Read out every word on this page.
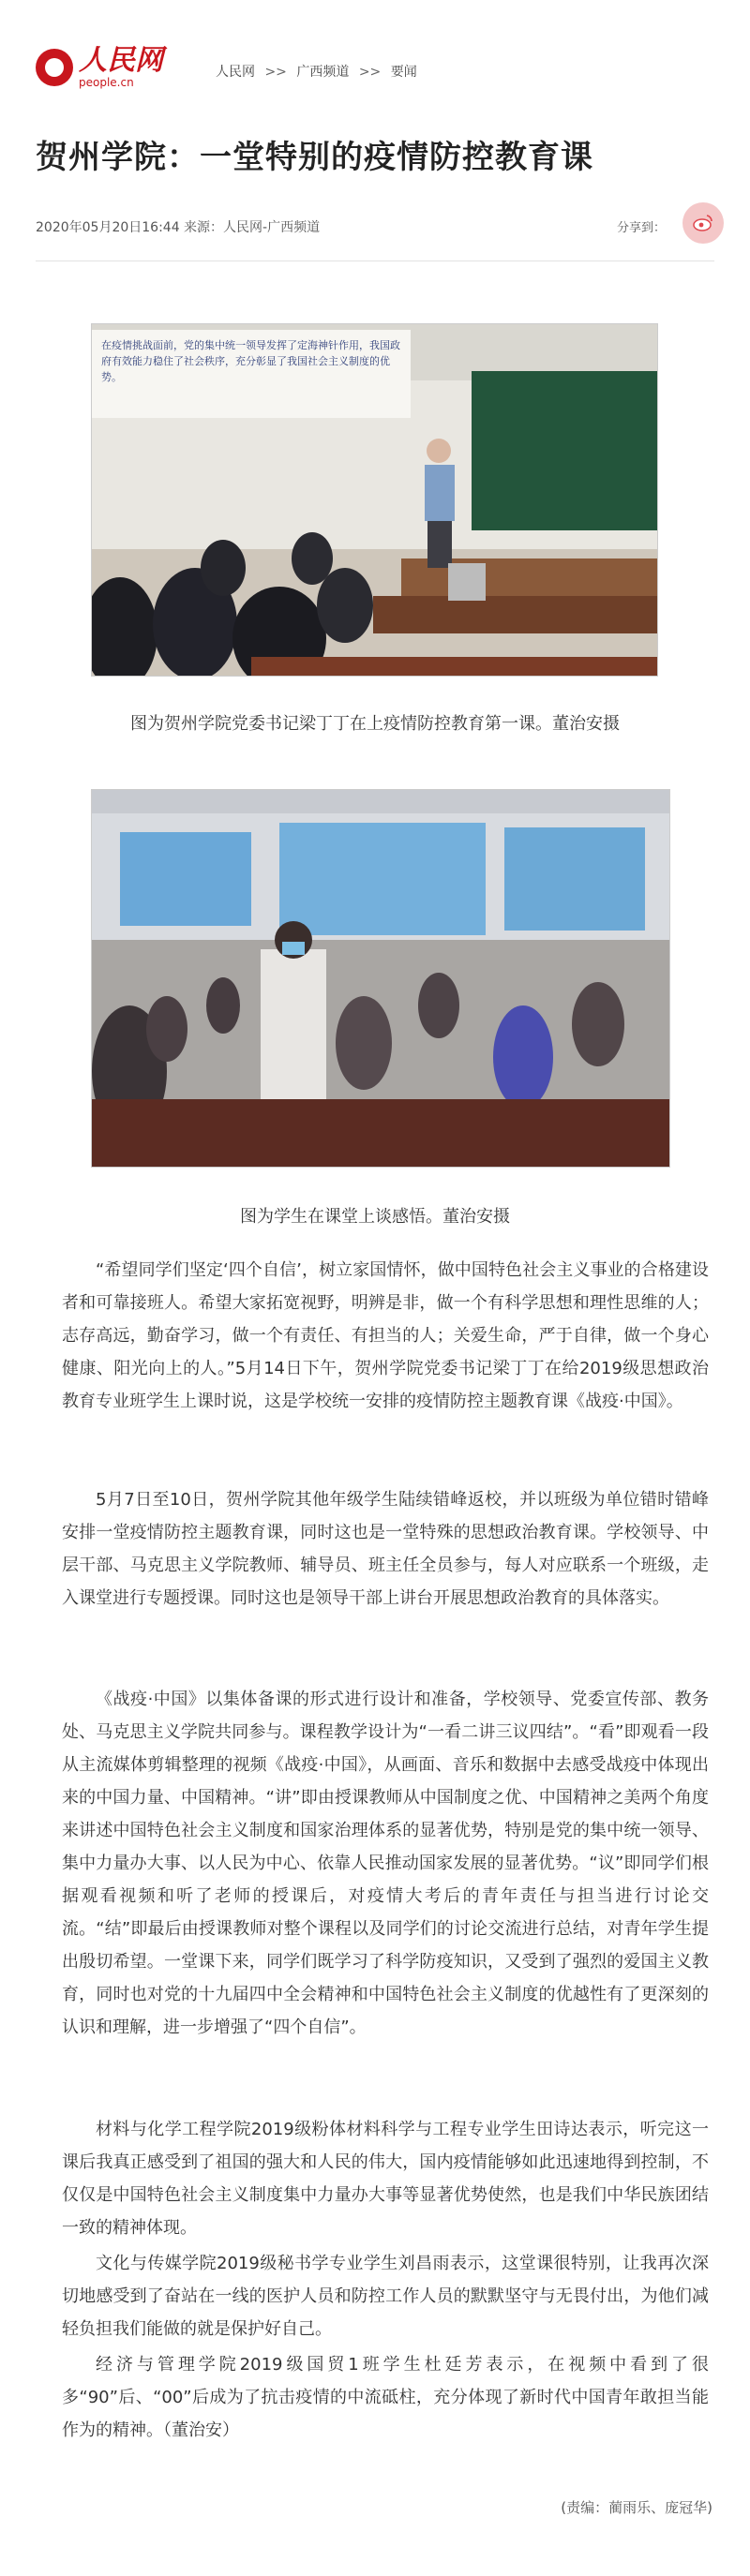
人民网
people.cn
人民网 >> 广西频道 >> 要闻
贺州学院：一堂特别的疫情防控教育课
2020年05月20日16:44 来源：人民网-广西频道	分享到：
在疫情挑战面前，党的集中统一领导发挥了定海神针作用，我国政府有效能力稳住了社会秩序，充分彰显了我国社会主义制度的优势。
图为贺州学院党委书记梁丁丁在上疫情防控教育第一课。董治安摄
图为学生在课堂上谈感悟。董治安摄

“希望同学们坚定‘四个自信’，树立家国情怀，做中国特色社会主义事业的合格建设者和可靠接班人。希望大家拓宽视野，明辨是非，做一个有科学思想和理性思维的人；志存高远，勤奋学习，做一个有责任、有担当的人；关爱生命，严于自律，做一个身心健康、阳光向上的人。”5月14日下午，贺州学院党委书记梁丁丁在给2019级思想政治教育专业班学生上课时说，这是学校统一安排的疫情防控主题教育课《战疫·中国》。

5月7日至10日，贺州学院其他年级学生陆续错峰返校，并以班级为单位错时错峰安排一堂疫情防控主题教育课，同时这也是一堂特殊的思想政治教育课。学校领导、中层干部、马克思主义学院教师、辅导员、班主任全员参与，每人对应联系一个班级，走入课堂进行专题授课。同时这也是领导干部上讲台开展思想政治教育的具体落实。

《战疫·中国》以集体备课的形式进行设计和准备，学校领导、党委宣传部、教务处、马克思主义学院共同参与。课程教学设计为“一看二讲三议四结”。“看”即观看一段从主流媒体剪辑整理的视频《战疫·中国》，从画面、音乐和数据中去感受战疫中体现出来的中国力量、中国精神。“讲”即由授课教师从中国制度之优、中国精神之美两个角度来讲述中国特色社会主义制度和国家治理体系的显著优势，特别是党的集中统一领导、集中力量办大事、以人民为中心、依靠人民推动国家发展的显著优势。“议”即同学们根据观看视频和听了老师的授课后，对疫情大考后的青年责任与担当进行讨论交流。“结”即最后由授课教师对整个课程以及同学们的讨论交流进行总结，对青年学生提出殷切希望。一堂课下来，同学们既学习了科学防疫知识，又受到了强烈的爱国主义教育，同时也对党的十九届四中全会精神和中国特色社会主义制度的优越性有了更深刻的认识和理解，进一步增强了“四个自信”。

材料与化学工程学院2019级粉体材料科学与工程专业学生田诗达表示，听完这一课后我真正感受到了祖国的强大和人民的伟大，国内疫情能够如此迅速地得到控制，不仅仅是中国特色社会主义制度集中力量办大事等显著优势使然，也是我们中华民族团结一致的精神体现。

文化与传媒学院2019级秘书学专业学生刘昌雨表示，这堂课很特别，让我再次深切地感受到了奋站在一线的医护人员和防控工作人员的默默坚守与无畏付出，为他们减轻负担我们能做的就是保护好自己。

经济与管理学院2019级国贸1班学生杜廷芳表示，在视频中看到了很多“90”后、“00”后成为了抗击疫情的中流砥柱，充分体现了新时代中国青年敢担当能作为的精神。（董治安）

(责编：蔺雨乐、庞冠华)
